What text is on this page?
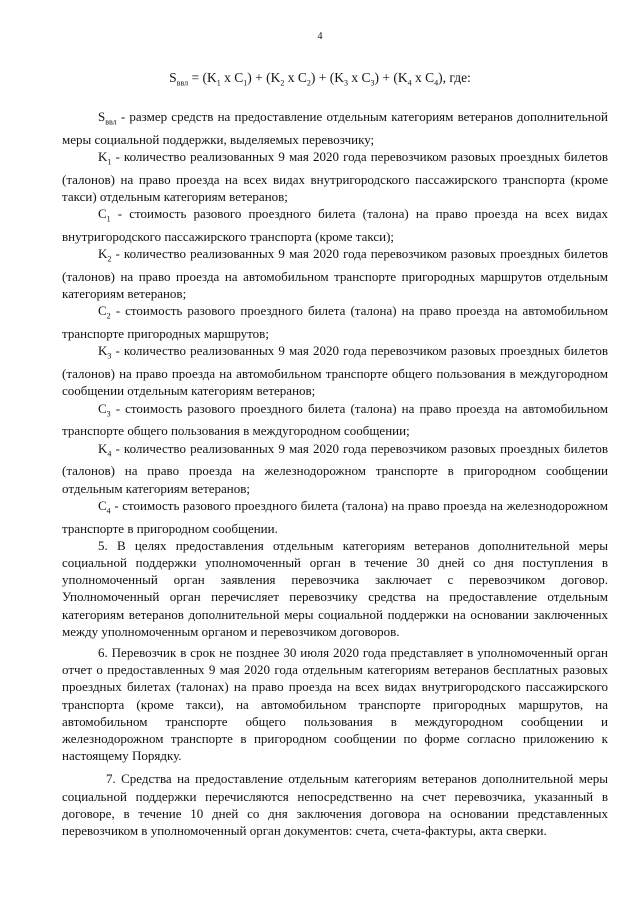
4
$S_{ввл} = (K_1$ x $C_1) + (K_2$ x $C_2) + (K_3$ x $C_3) + (K_4$ x $C_4$), где:

$S_{ввл}$ - размер средств на предоставление отдельным категориям ветеранов дополнительной меры социальной поддержки, выделяемых перевозчику;

$K_1$ - количество реализованных 9 мая 2020 года перевозчиком разовых проездных билетов (талонов) на право проезда на всех видах внутригородского пассажирского транспорта (кроме такси) отдельным категориям ветеранов;

$C_1$ - стоимость разового проездного билета (талона) на право проезда на всех видах внутригородского пассажирского транспорта (кроме такси);

$K_2$ - количество реализованных 9 мая 2020 года перевозчиком разовых проездных билетов (талонов) на право проезда на автомобильном транспорте пригородных маршрутов отдельным категориям ветеранов;

$C_2$ - стоимость разового проездного билета (талона) на право проезда на автомобильном транспорте пригородных маршрутов;

$K_3$ - количество реализованных 9 мая 2020 года перевозчиком разовых проездных билетов (талонов) на право проезда на автомобильном транспорте общего пользования в междугородном сообщении отдельным категориям ветеранов;

$C_3$ - стоимость разового проездного билета (талона) на право проезда на автомобильном транспорте общего пользования в междугородном сообщении;

$K_4$ - количество реализованных 9 мая 2020 года перевозчиком разовых проездных билетов (талонов) на право проезда на железнодорожном транспорте в пригородном сообщении отдельным категориям ветеранов;

$C_4$ - стоимость разового проездного билета (талона) на право проезда на железнодорожном транспорте в пригородном сообщении.

5. В целях предоставления отдельным категориям ветеранов дополнительной меры социальной поддержки уполномоченный орган в течение 30 дней со дня поступления в уполномоченный орган заявления перевозчика заключает с перевозчиком договор. Уполномоченный орган перечисляет перевозчику средства на предоставление отдельным категориям ветеранов дополнительной меры социальной поддержки на основании заключенных между уполномоченным органом и перевозчиком договоров.

6. Перевозчик в срок не позднее 30 июля 2020 года представляет в уполномоченный орган отчет о предоставленных 9 мая 2020 года отдельным категориям ветеранов бесплатных разовых проездных билетах (талонах) на право проезда на всех видах внутригородского пассажирского транспорта (кроме такси), на автомобильном транспорте пригородных маршрутов, на автомобильном транспорте общего пользования в междугородном сообщении и железнодорожном транспорте в пригородном сообщении по форме согласно приложению к настоящему Порядку.

7. Средства на предоставление отдельным категориям ветеранов дополнительной меры социальной поддержки перечисляются непосредственно на счет перевозчика, указанный в договоре, в течение 10 дней со дня заключения договора на основании представленных перевозчиком в уполномоченный орган документов: счета, счета-фактуры, акта сверки.
